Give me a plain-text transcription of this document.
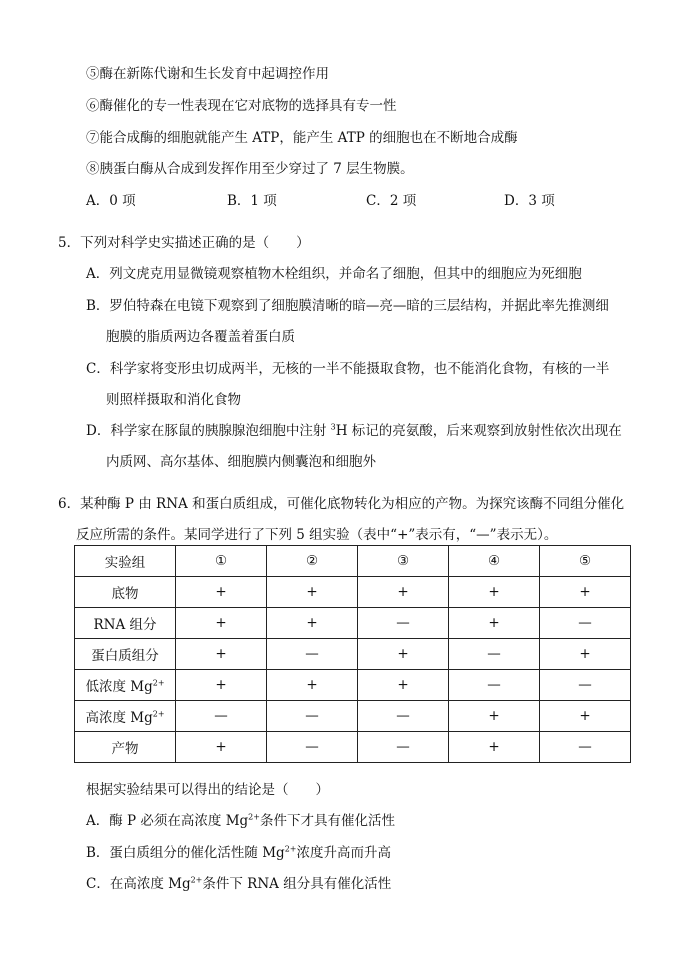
⑤酶在新陈代谢和生长发育中起调控作用
⑥酶催化的专一性表现在它对底物的选择具有专一性
⑦能合成酶的细胞就能产生 ATP，能产生 ATP 的细胞也在不断地合成酶
⑧胰蛋白酶从合成到发挥作用至少穿过了 7 层生物膜。
A．0 项	B．1 项	C．2 项	D．3 项
5．下列对科学史实描述正确的是（　　）
A．列文虎克用显微镜观察植物木栓组织，并命名了细胞，但其中的细胞应为死细胞
B．罗伯特森在电镜下观察到了细胞膜清晰的暗—亮—暗的三层结构，并据此率先推测细
胞膜的脂质两边各覆盖着蛋白质
C．科学家将变形虫切成两半，无核的一半不能摄取食物，也不能消化食物，有核的一半
则照样摄取和消化食物
D．科学家在豚鼠的胰腺腺泡细胞中注射 $^3$H 标记的亮氨酸，后来观察到放射性依次出现在
内质网、高尔基体、细胞膜内侧囊泡和细胞外
6．某种酶 P 由 RNA 和蛋白质组成，可催化底物转化为相应的产物。为探究该酶不同组分催化
反应所需的条件。某同学进行了下列 5 组实验（表中“+”表示有，“—”表示无）。
实验组	①	②	③	④	⑤
底物	+	+	+	+	+
RNA 组分	+	+	—	+	—
蛋白质组分	+	—	+	—	+
低浓度 $Mg^{2+}$	+	+	+	—	—
高浓度 $Mg^{2+}$	—	—	—	+	+
产物	+	—	—	+	—
根据实验结果可以得出的结论是（　　）
A．酶 P 必须在高浓度 $Mg^{2+}$条件下才具有催化活性
B．蛋白质组分的催化活性随 $Mg^{2+}$浓度升高而升高
C．在高浓度 $Mg^{2+}$条件下 RNA 组分具有催化活性
